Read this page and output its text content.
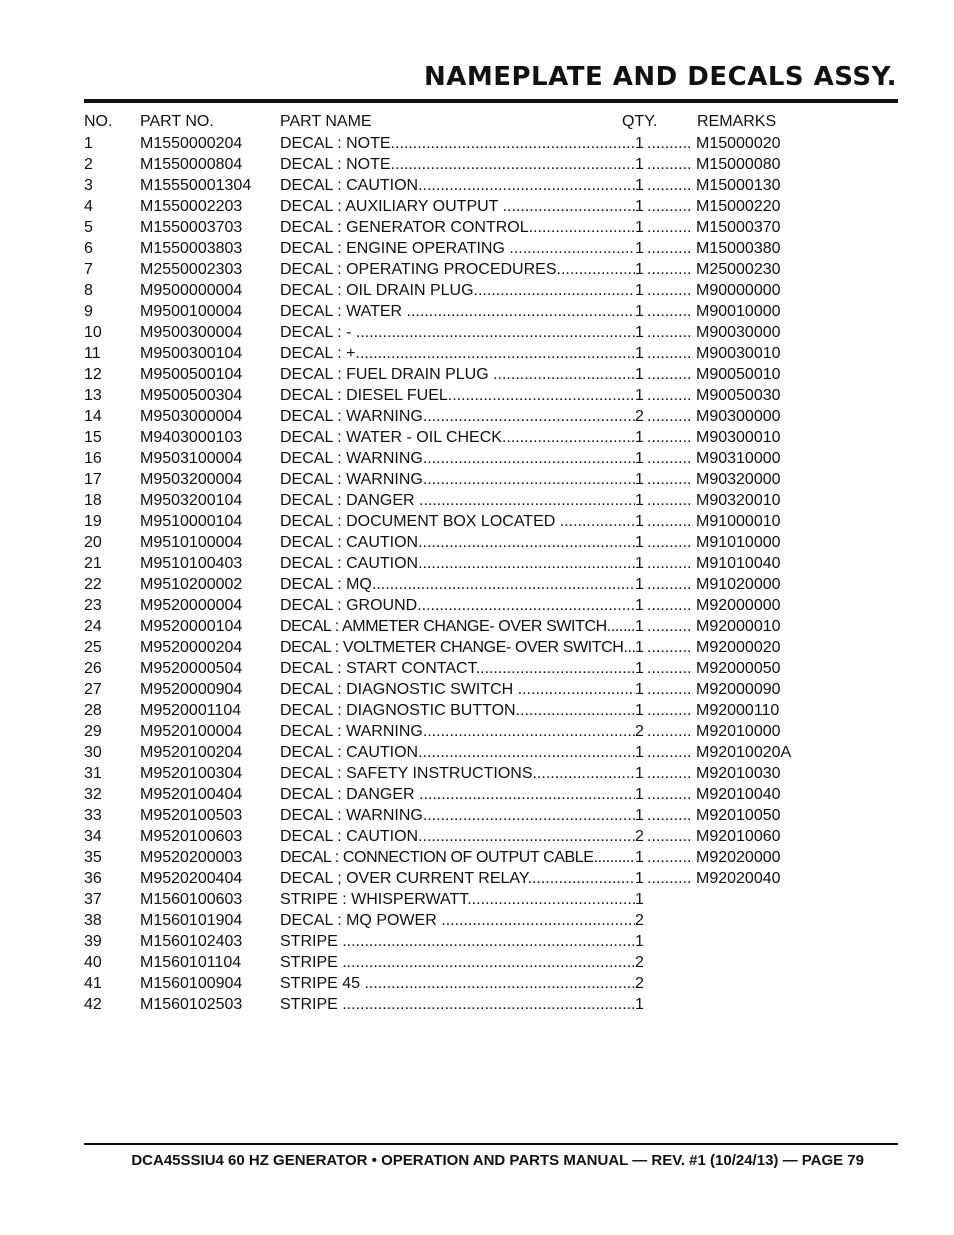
NAMEPLATE AND DECALS ASSY.
NO. PART NO.	PART NAME	QTY. REMARKS
1	M1550000204 DECAL : NOTE .....	1 .....	M15000020
2	M1550000804 DECAL : NOTE .....	1 .....	M15000080
3	M15550001304 DECAL : CAUTION .....	1 .....	M15000130
4	M1550002203 DECAL : AUXILIARY OUTPUT .....	1 .....	M15000220
5	M1550003703 DECAL : GENERATOR CONTROL .....	1 .....	M15000370
6	M1550003803 DECAL : ENGINE OPERATING .....	1 .....	M15000380
7	M2550002303 DECAL : OPERATING PROCEDURES .....	1 .....	M25000230
8	M9500000004 DECAL : OIL DRAIN PLUG .....	1 .....	M90000000
9	M9500100004 DECAL : WATER .....	1 .....	M90010000
10 M9500300004 DECAL : - .....	1 .....	M90030000
11 M9500300104 DECAL : + .....	1 .....	M90030010
12 M9500500104 DECAL : FUEL DRAIN PLUG .....	1 .....	M90050010
13 M9500500304 DECAL : DIESEL FUEL .....	1 .....	M90050030
14 M9503000004 DECAL : WARNING .....	2 .....	M90300000
15 M9403000103 DECAL : WATER - OIL CHECK .....	1 .....	M90300010
16 M9503100004 DECAL : WARNING .....	1 .....	M90310000
17 M9503200004 DECAL : WARNING .....	1 .....	M90320000
18 M9503200104 DECAL : DANGER .....	1 .....	M90320010
19 M9510000104 DECAL : DOCUMENT BOX LOCATED .....	1 .....	M91000010
20 M9510100004 DECAL : CAUTION .....	1 .....	M91010000
21 M9510100403 DECAL : CAUTION .....	1 .....	M91010040
22 M9510200002 DECAL : MQ .....	1 .....	M91020000
23 M9520000004 DECAL : GROUND .....	1 .....	M92000000
24 M9520000104 DECAL : AMMETER CHANGE- OVER SWITCH .....	1 .....	M92000010
25 M9520000204 DECAL : VOLTMETER CHANGE- OVER SWITCH ..... 1 .....	M92000020
26 M9520000504 DECAL : START CONTACT .....	1 .....	M92000050
27 M9520000904 DECAL : DIAGNOSTIC SWITCH .....	1 .....	M92000090
28 M9520001104 DECAL : DIAGNOSTIC BUTTON .....	1 .....	M92000110
29 M9520100004 DECAL : WARNING .....	2 .....	M92010000
30 M9520100204 DECAL : CAUTION .....	1 .....	M92010020A
31 M9520100304 DECAL : SAFETY INSTRUCTIONS .....	1 .....	M92010030
32 M9520100404 DECAL : DANGER .....	1 .....	M92010040
33 M9520100503 DECAL : WARNING .....	1 .....	M92010050
34 M9520100603 DECAL : CAUTION .....	2 .....	M92010060
35 M9520200003 DECAL : CONNECTION OF OUTPUT CABLE .....	1 .....	M92020000
36 M9520200404 DECAL ; OVER CURRENT RELAY .....	1 .....	M92020040
37 M1560100603 STRIPE : WHISPERWATT .....	1
38 M1560101904 DECAL : MQ POWER .....	2
39 M1560102403 STRIPE .....	1
40 M1560101104 STRIPE .....	2
41 M1560100904 STRIPE 45 .....	2
42 M1560102503 STRIPE .....	1
DCA45SSIU4 60 HZ GENERATOR • OPERATION AND PARTS MANUAL — REV. #1 (10/24/13) — PAGE 79
